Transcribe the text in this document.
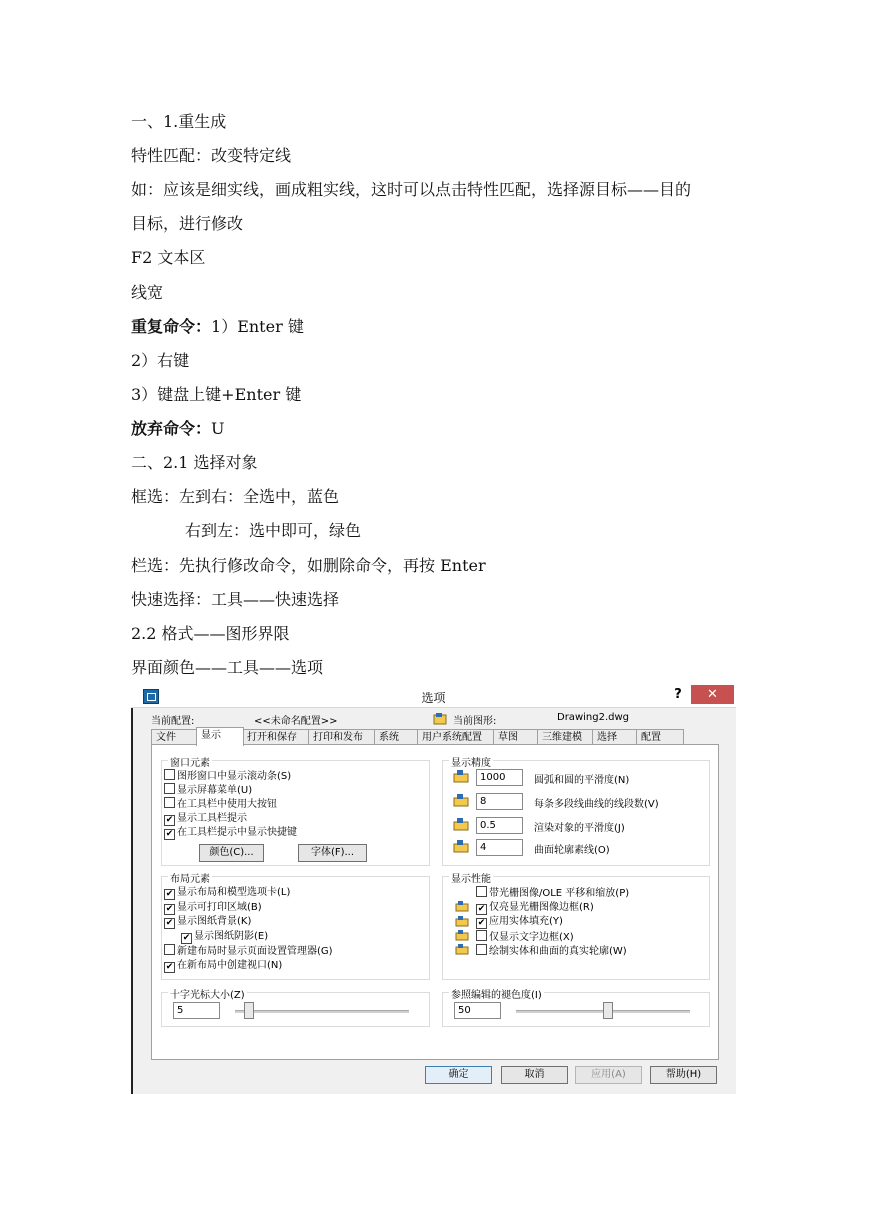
一、1.重生成
特性匹配：改变特定线
如：应该是细实线，画成粗实线，这时可以点击特性匹配，选择源目标——目的
目标，进行修改
F2 文本区
线宽
重复命令：1）Enter 键
2）右键
3）键盘上键+Enter 键
放弃命令：U
二、2.1 选择对象
框选：左到右：全选中，蓝色
右到左：选中即可，绿色
栏选：先执行修改命令，如删除命令，再按 Enter
快速选择：工具——快速选择
2.2 格式——图形界限
界面颜色——工具——选项
选项	?	✕
当前配置:	<<未命名配置>>	当前图形:	Drawing2.dwg
文件	显示	打开和保存	打印和发布	系统	用户系统配置	草图	三维建模	选择	配置
窗口元素
图形窗口中显示滚动条(S)
显示屏幕菜单(U)
在工具栏中使用大按钮
✔ 显示工具栏提示
✔ 在工具栏提示中显示快捷键
颜色(C)...	字体(F)...
显示精度
1000	圆弧和圆的平滑度(N)
8	每条多段线曲线的线段数(V)
0.5	渲染对象的平滑度(J)
4	曲面轮廓素线(O)
布局元素
✔ 显示布局和模型选项卡(L)
✔ 显示可打印区域(B)
✔ 显示图纸背景(K)
✔ 显示图纸阴影(E)
新建布局时显示页面设置管理器(G)
✔ 在新布局中创建视口(N)
显示性能
带光栅图像/OLE 平移和缩放(P)
✔ 仅亮显光栅图像边框(R)
✔ 应用实体填充(Y)
仅显示文字边框(X)
绘制实体和曲面的真实轮廓(W)
十字光标大小(Z)
5
参照编辑的褪色度(I)
50
确定	取消	应用(A)	帮助(H)
